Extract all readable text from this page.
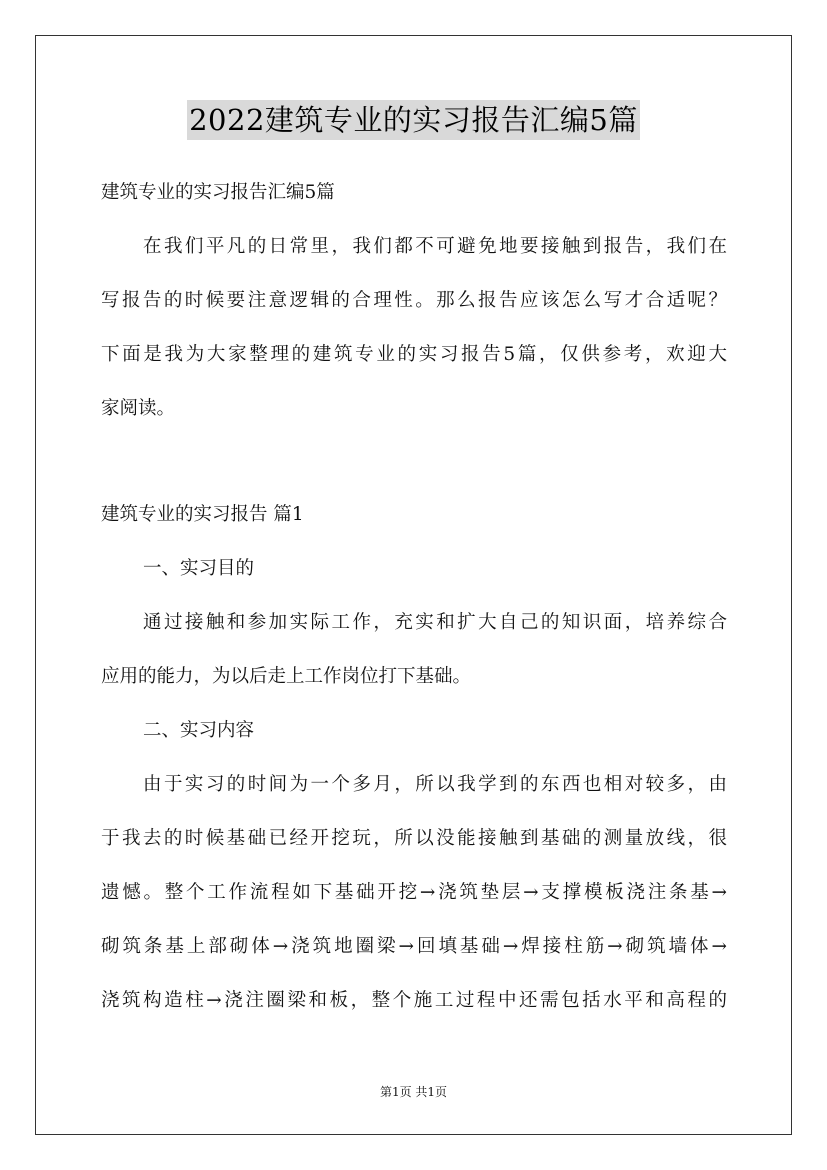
2022建筑专业的实习报告汇编5篇
建筑专业的实习报告汇编5篇
在我们平凡的日常里，我们都不可避免地要接触到报告，我们在
写报告的时候要注意逻辑的合理性。那么报告应该怎么写才合适呢？
下面是我为大家整理的建筑专业的实习报告5篇，仅供参考，欢迎大
家阅读。
建筑专业的实习报告 篇1
一、实习目的
通过接触和参加实际工作，充实和扩大自己的知识面，培养综合
应用的能力，为以后走上工作岗位打下基础。
二、实习内容
由于实习的时间为一个多月，所以我学到的东西也相对较多，由
于我去的时候基础已经开挖玩，所以没能接触到基础的测量放线，很
遗憾。整个工作流程如下基础开挖→浇筑垫层→支撑模板浇注条基→
砌筑条基上部砌体→浇筑地圈梁→回填基础→焊接柱筋→砌筑墙体→
浇筑构造柱→浇注圈梁和板，整个施工过程中还需包括水平和高程的
第1页 共1页
